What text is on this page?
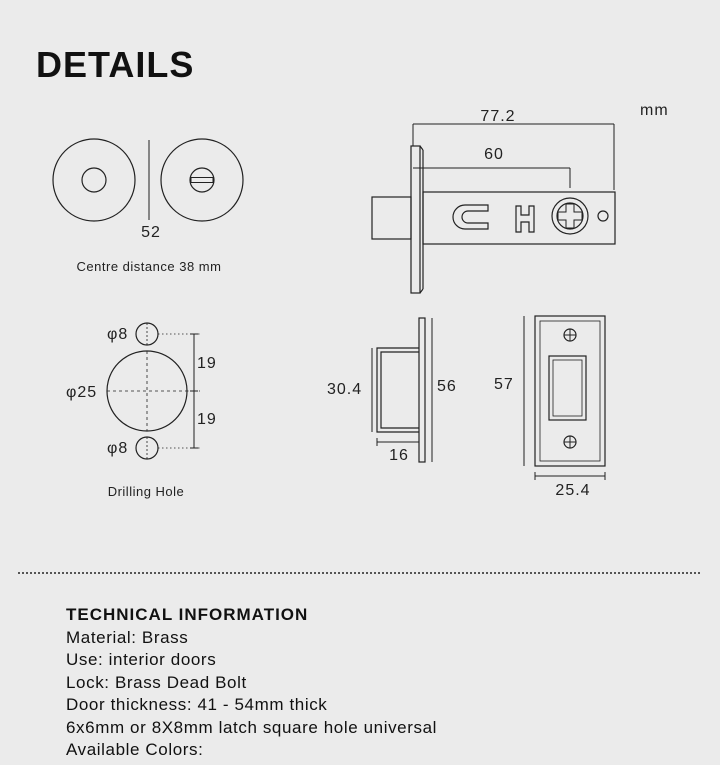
DETAILS
mm
52
Centre distance 38 mm
φ8
φ25
φ8
19
19
Drilling Hole
77.2
60
30.4	56
16
57
25.4
TECHNICAL INFORMATION
Material: Brass
Use: interior doors
Lock: Brass Dead Bolt
Door thickness: 41 - 54mm thick
6x6mm or 8X8mm latch square hole universal
Available Colors:
